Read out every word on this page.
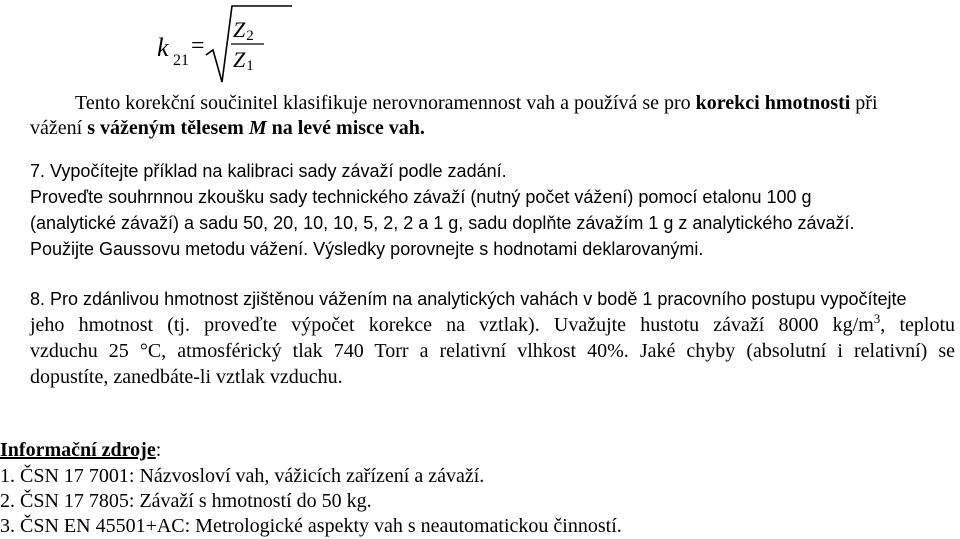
k 21
=
$Z_2$
$Z_1$
Tento korekční součinitel klasifikuje nerovnoramennost vah a používá se pro korekci hmotnosti při
vážení s váženým tělesem M na levé misce vah.
7. Vypočítejte příklad na kalibraci sady závaží podle zadání.
Proveďte souhrnnou zkoušku sady technického závaží (nutný počet vážení) pomocí etalonu 100 g
(analytické závaží) a sadu 50, 20, 10, 10, 5, 2, 2 a 1 g, sadu doplňte závažím 1 g z analytického závaží.
Použijte Gaussovu metodu vážení. Výsledky porovnejte s hodnotami deklarovanými.
8. Pro zdánlivou hmotnost zjištěnou vážením na analytických vahách v bodě 1 pracovního postupu vypočítejte
jeho hmotnost (tj. proveďte výpočet korekce na vztlak). Uvažujte hustotu závaží 8000 $kg/m^3$, teplotu
vzduchu 25 °C, atmosférický tlak 740 Torr a relativní vlhkost 40%. Jaké chyby (absolutní i relativní) se
dopustíte, zanedbáte-li vztlak vzduchu.
Informační zdroje:
1. ČSN 17 7001: Názvosloví vah, vážicích zařízení a závaží.
2. ČSN 17 7805: Závaží s hmotností do 50 kg.
3. ČSN EN 45501+AC: Metrologické aspekty vah s neautomatickou činností.
